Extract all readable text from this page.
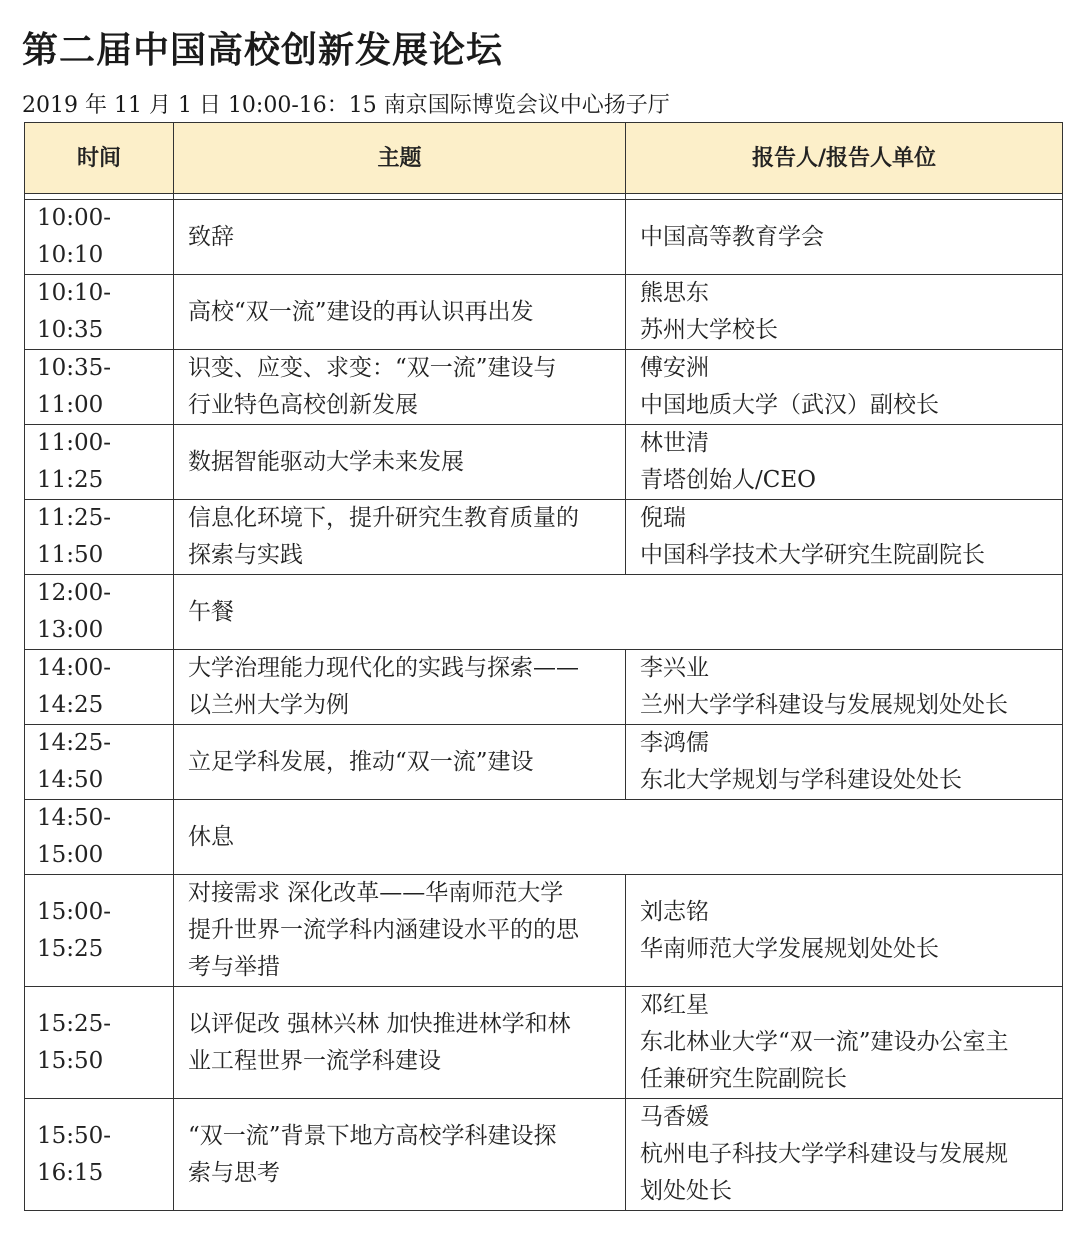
第二届中国高校创新发展论坛
2019 年 11 月 1 日 10:00-16：15 南京国际博览会议中心扬子厅
时间	主题	报告人/报告人单位

10:00-
10:10	致辞	中国高等教育学会

10:10-
10:35	高校“双一流”建设的再认识再出发	熊思东
苏州大学校长

10:35-
11:00	识变、应变、求变：“双一流”建设与
行业特色高校创新发展	傅安洲
中国地质大学（武汉）副校长

11:00-
11:25	数据智能驱动大学未来发展	林世清
青塔创始人/CEO

11:25-
11:50	信息化环境下，提升研究生教育质量的
探索与实践	倪瑞
中国科学技术大学研究生院副院长

12:00-
13:00	午餐	

14:00-
14:25	大学治理能力现代化的实践与探索——
以兰州大学为例	李兴业
兰州大学学科建设与发展规划处处长

14:25-
14:50	立足学科发展，推动“双一流”建设	李鸿儒
东北大学规划与学科建设处处长

14:50-
15:00	休息	

15:00-
15:25	对接需求 深化改革——华南师范大学
提升世界一流学科内涵建设水平的的思
考与举措	刘志铭
华南师范大学发展规划处处长

15:25-
15:50	以评促改 强林兴林 加快推进林学和林
业工程世界一流学科建设	邓红星
东北林业大学“双一流”建设办公室主
任兼研究生院副院长

15:50-
16:15	“双一流”背景下地方高校学科建设探
索与思考	马香媛
杭州电子科技大学学科建设与发展规
划处处长
